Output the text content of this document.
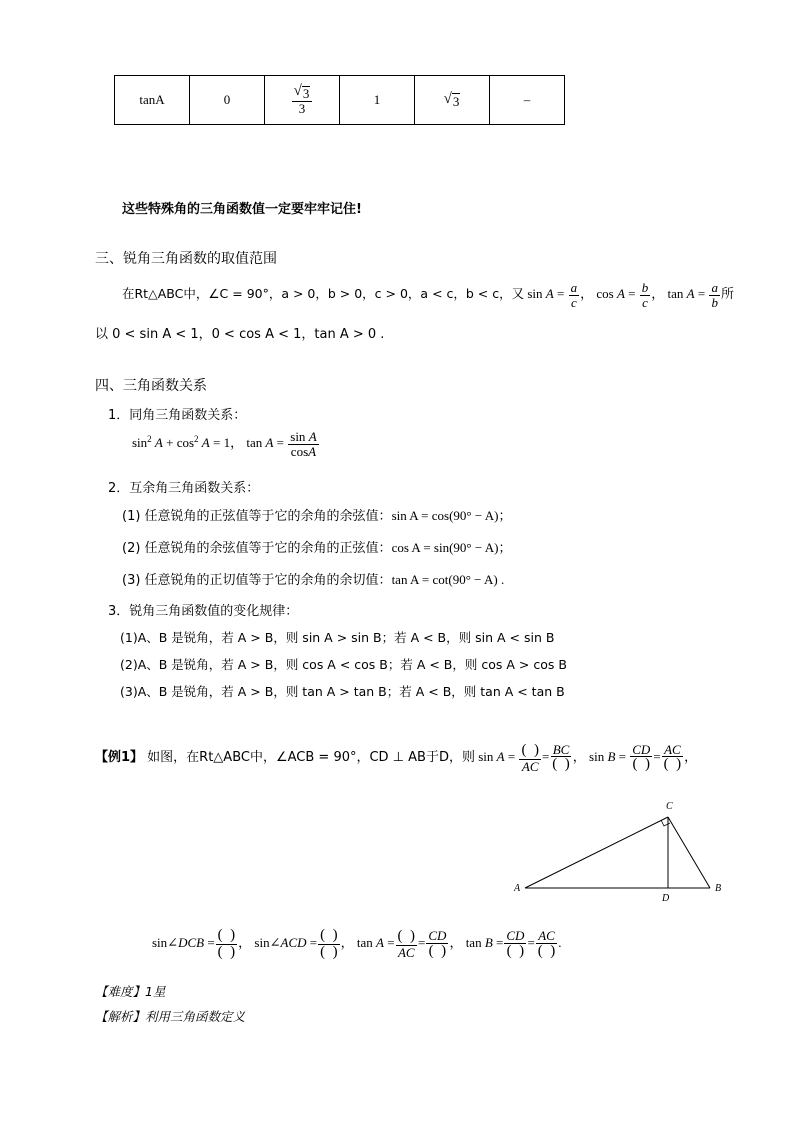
tanA	0	$\frac{√ 3}{3}$	1	√ 3	–
这些特殊角的三角函数值一定要牢牢记住!
三、锐角三角函数的取值范围
在Rt△ABC中，∠C = 90°，a > 0，b > 0，c > 0，a < c，b < c，又 $\sin A = \frac{a}{c}$ ， $\cos A = \frac{b}{c}$ ， $\tan A = \frac{a}{b}$ 所
以 0 < sin A < 1，0 < cos A < 1，tan A > 0 .
四、三角函数关系
1．同角三角函数关系：
$\sin^2 A + \cos^2 A = 1$， $\tan A = \frac{\text{sin A}}{\cos A}$
2．互余角三角函数关系：
(1) 任意锐角的正弦值等于它的余角的余弦值：sin A = cos(90° − A)；
(2) 任意锐角的余弦值等于它的余角的正弦值：cos A = sin(90° − A)；
(3) 任意锐角的正切值等于它的余角的余切值：tan A = cot(90° − A) .
3．锐角三角函数值的变化规律：
(1)A、B 是锐角，若 A > B，则 sin A > sin B；若 A < B，则 sin A < sin B
(2)A、B 是锐角，若 A > B，则 cos A < cos B；若 A < B，则 cos A > cos B
(3)A、B 是锐角，若 A > B，则 tan A > tan B；若 A < B，则 tan A < tan B
【例1】 如图，在Rt△ABC中，∠ACB = 90°，CD ⊥ AB于D，则 $\sin A = \frac{( )}{AC} = \frac{BC}{( )}$ ， $\sin B = \frac{CD}{( )} = \frac{AC}{( )}$ ，
A	B
C
D
sin∠DCB = $\frac{( )}{( )}$ ， sin∠ACD = $\frac{( )}{( )}$ ， $\tan A = \frac{( )}{AC} = \frac{CD}{( )}$ ， $\tan B = \frac{CD}{( )} = \frac{AC}{( )}$ .
【难度】1星
【解析】利用三角函数定义
